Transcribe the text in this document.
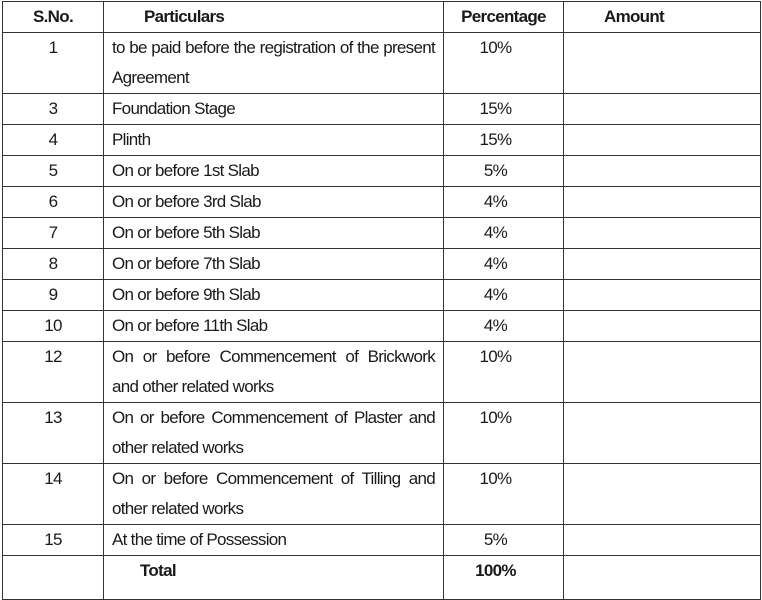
S.No.	Particulars	Percentage	Amount
1	to be paid before the registration of the present Agreement	10%	
3	Foundation Stage	15%	
4	Plinth	15%	
5	On or before 1st Slab	5%	
6	On or before 3rd Slab	4%	
7	On or before 5th Slab	4%	
8	On or before 7th Slab	4%	
9	On or before 9th Slab	4%	
10	On or before 11th Slab	4%	
12	On or before Commencement of Brickwork and other related works	10%	
13	On or before Commencement of Plaster and other related works	10%	
14	On or before Commencement of Tilling and other related works	10%	
15	At the time of Possession	5%	
	Total	100%	
